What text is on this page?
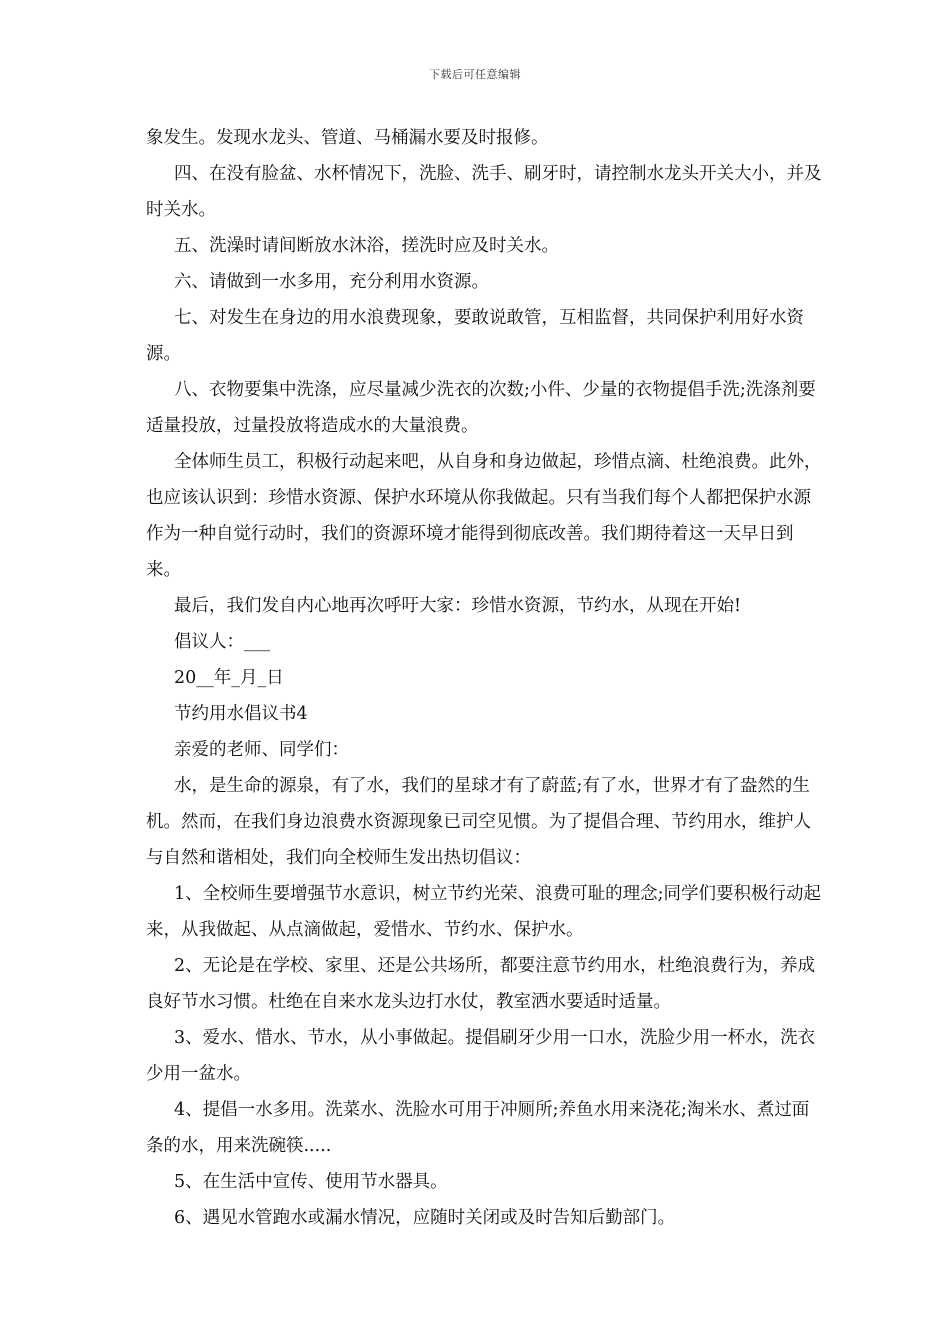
下载后可任意编辑

象发生。发现水龙头、管道、马桶漏水要及时报修。

四、在没有脸盆、水杯情况下，洗脸、洗手、刷牙时，请控制水龙头开关大小，并及时关水。

五、洗澡时请间断放水沐浴，搓洗时应及时关水。

六、请做到一水多用，充分利用水资源。

七、对发生在身边的用水浪费现象，要敢说敢管，互相监督，共同保护利用好水资源。

八、衣物要集中洗涤，应尽量减少洗衣的次数;小件、少量的衣物提倡手洗;洗涤剂要适量投放，过量投放将造成水的大量浪费。

全体师生员工，积极行动起来吧，从自身和身边做起，珍惜点滴、杜绝浪费。此外，也应该认识到：珍惜水资源、保护水环境从你我做起。只有当我们每个人都把保护水源作为一种自觉行动时，我们的资源环境才能得到彻底改善。我们期待着这一天早日到来。

最后，我们发自内心地再次呼吁大家：珍惜水资源，节约水，从现在开始!

倡议人：___

20__年_月_日

节约用水倡议书4

亲爱的老师、同学们：

水，是生命的源泉，有了水，我们的星球才有了蔚蓝;有了水，世界才有了盎然的生机。然而，在我们身边浪费水资源现象已司空见惯。为了提倡合理、节约用水，维护人与自然和谐相处，我们向全校师生发出热切倡议：

1、全校师生要增强节水意识，树立节约光荣、浪费可耻的理念;同学们要积极行动起来，从我做起、从点滴做起，爱惜水、节约水、保护水。

2、无论是在学校、家里、还是公共场所，都要注意节约用水，杜绝浪费行为，养成良好节水习惯。杜绝在自来水龙头边打水仗，教室洒水要适时适量。

3、爱水、惜水、节水，从小事做起。提倡刷牙少用一口水，洗脸少用一杯水，洗衣少用一盆水。

4、提倡一水多用。洗菜水、洗脸水可用于冲厕所;养鱼水用来浇花;淘米水、煮过面条的水，用来洗碗筷.....

5、在生活中宣传、使用节水器具。

6、遇见水管跑水或漏水情况，应随时关闭或及时告知后勤部门。
